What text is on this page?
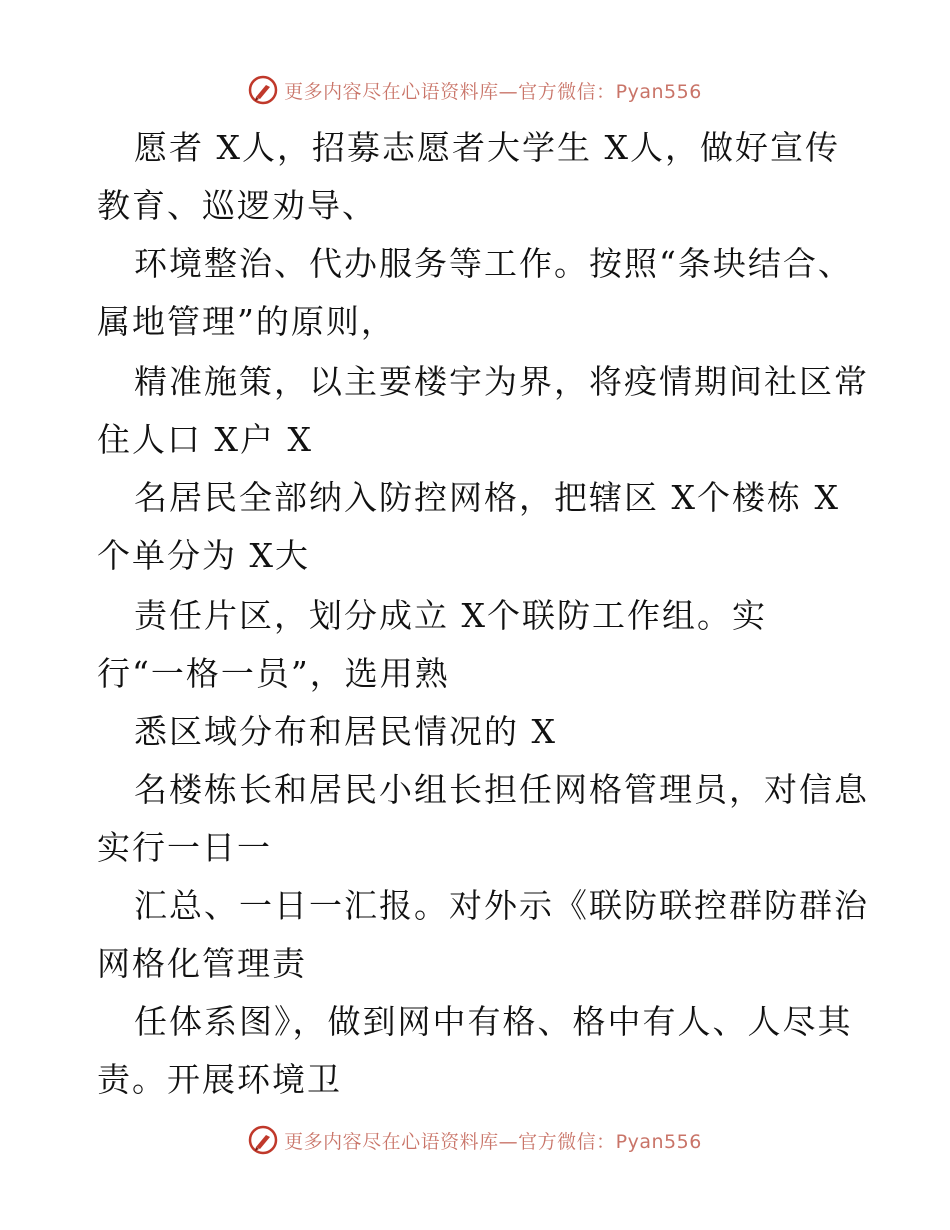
更多内容尽在心语资料库—官方微信：Pyan556
愿者 X人，招募志愿者大学生 X人，做好宣传
教育、巡逻劝导、
环境整治、代办服务等工作。按照“条块结合、
属地管理”的原则，
精准施策，以主要楼宇为界，将疫情期间社区常
住人口 X户 X
名居民全部纳入防控网格，把辖区 X个楼栋 X
个单分为 X大
责任片区，划分成立 X个联防工作组。实
行“一格一员”，选用熟
悉区域分布和居民情况的 X
名楼栋长和居民小组长担任网格管理员，对信息
实行一日一
汇总、一日一汇报。对外示《联防联控群防群治
网格化管理责
任体系图》，做到网中有格、格中有人、人尽其
责。开展环境卫
更多内容尽在心语资料库—官方微信：Pyan556
